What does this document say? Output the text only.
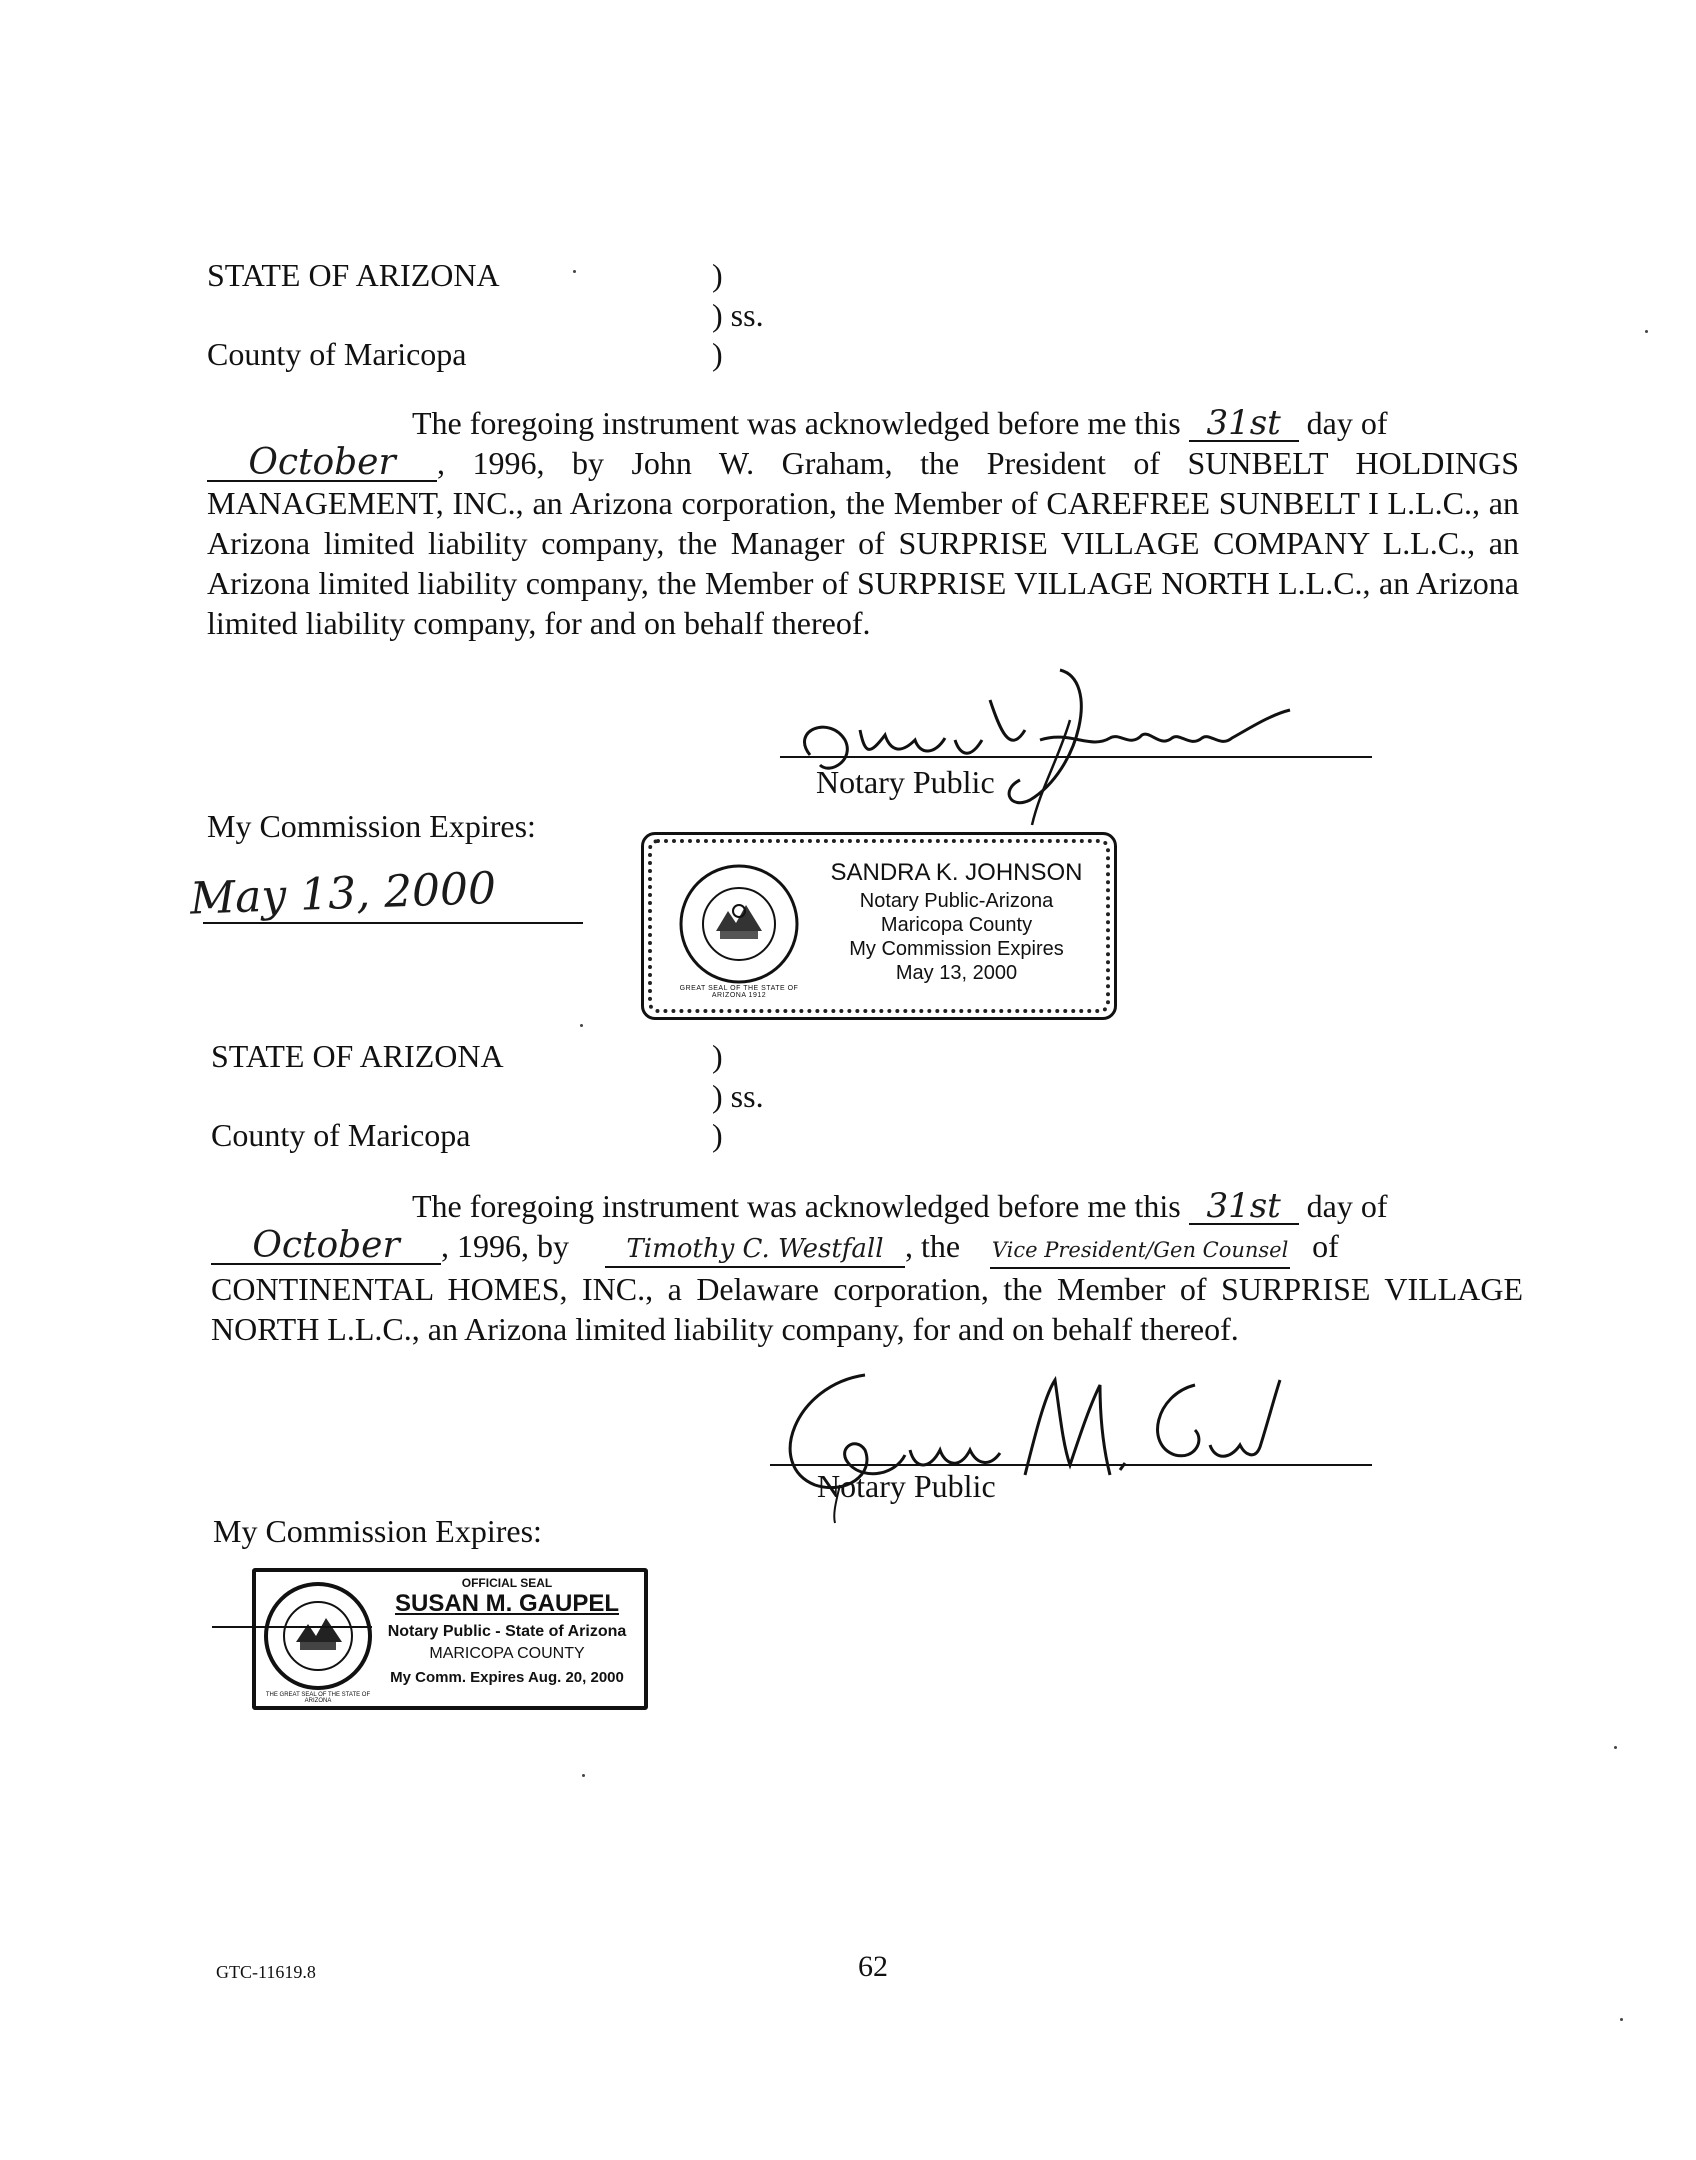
STATE OF ARIZONA
County of Maricopa
)
) ss.
)

The foregoing instrument was acknowledged before me this 31st day of

October , 1996, by John W. Graham, the President of SUNBELT HOLDINGS MANAGEMENT, INC., an Arizona corporation, the Member of CAREFREE SUNBELT I L.L.C., an Arizona limited liability company, the Manager of SURPRISE VILLAGE COMPANY L.L.C., an Arizona limited liability company, the Member of SURPRISE VILLAGE NORTH L.L.C., an Arizona limited liability company, for and on behalf thereof.

Notary Public
My Commission Expires:
May 13, 2000
GREAT SEAL OF THE STATE OF ARIZONA 1912
SANDRA K. JOHNSON
Notary Public-Arizona
Maricopa County
My Commission Expires
May 13, 2000
STATE OF ARIZONA
County of Maricopa
)
) ss.
)

The foregoing instrument was acknowledged before me this 31st day of

October , 1996, by Timothy C. Westfall , the Vice President/Gen Counsel of

CONTINENTAL HOMES, INC., a Delaware corporation, the Member of SURPRISE VILLAGE NORTH L.L.C., an Arizona limited liability company, for and on behalf thereof.

Notary Public
My Commission Expires:
THE GREAT SEAL OF THE STATE OF ARIZONA
OFFICIAL SEAL
SUSAN M. GAUPEL
Notary Public - State of Arizona
MARICOPA COUNTY
My Comm. Expires Aug. 20, 2000
GTC-11619.8	62
